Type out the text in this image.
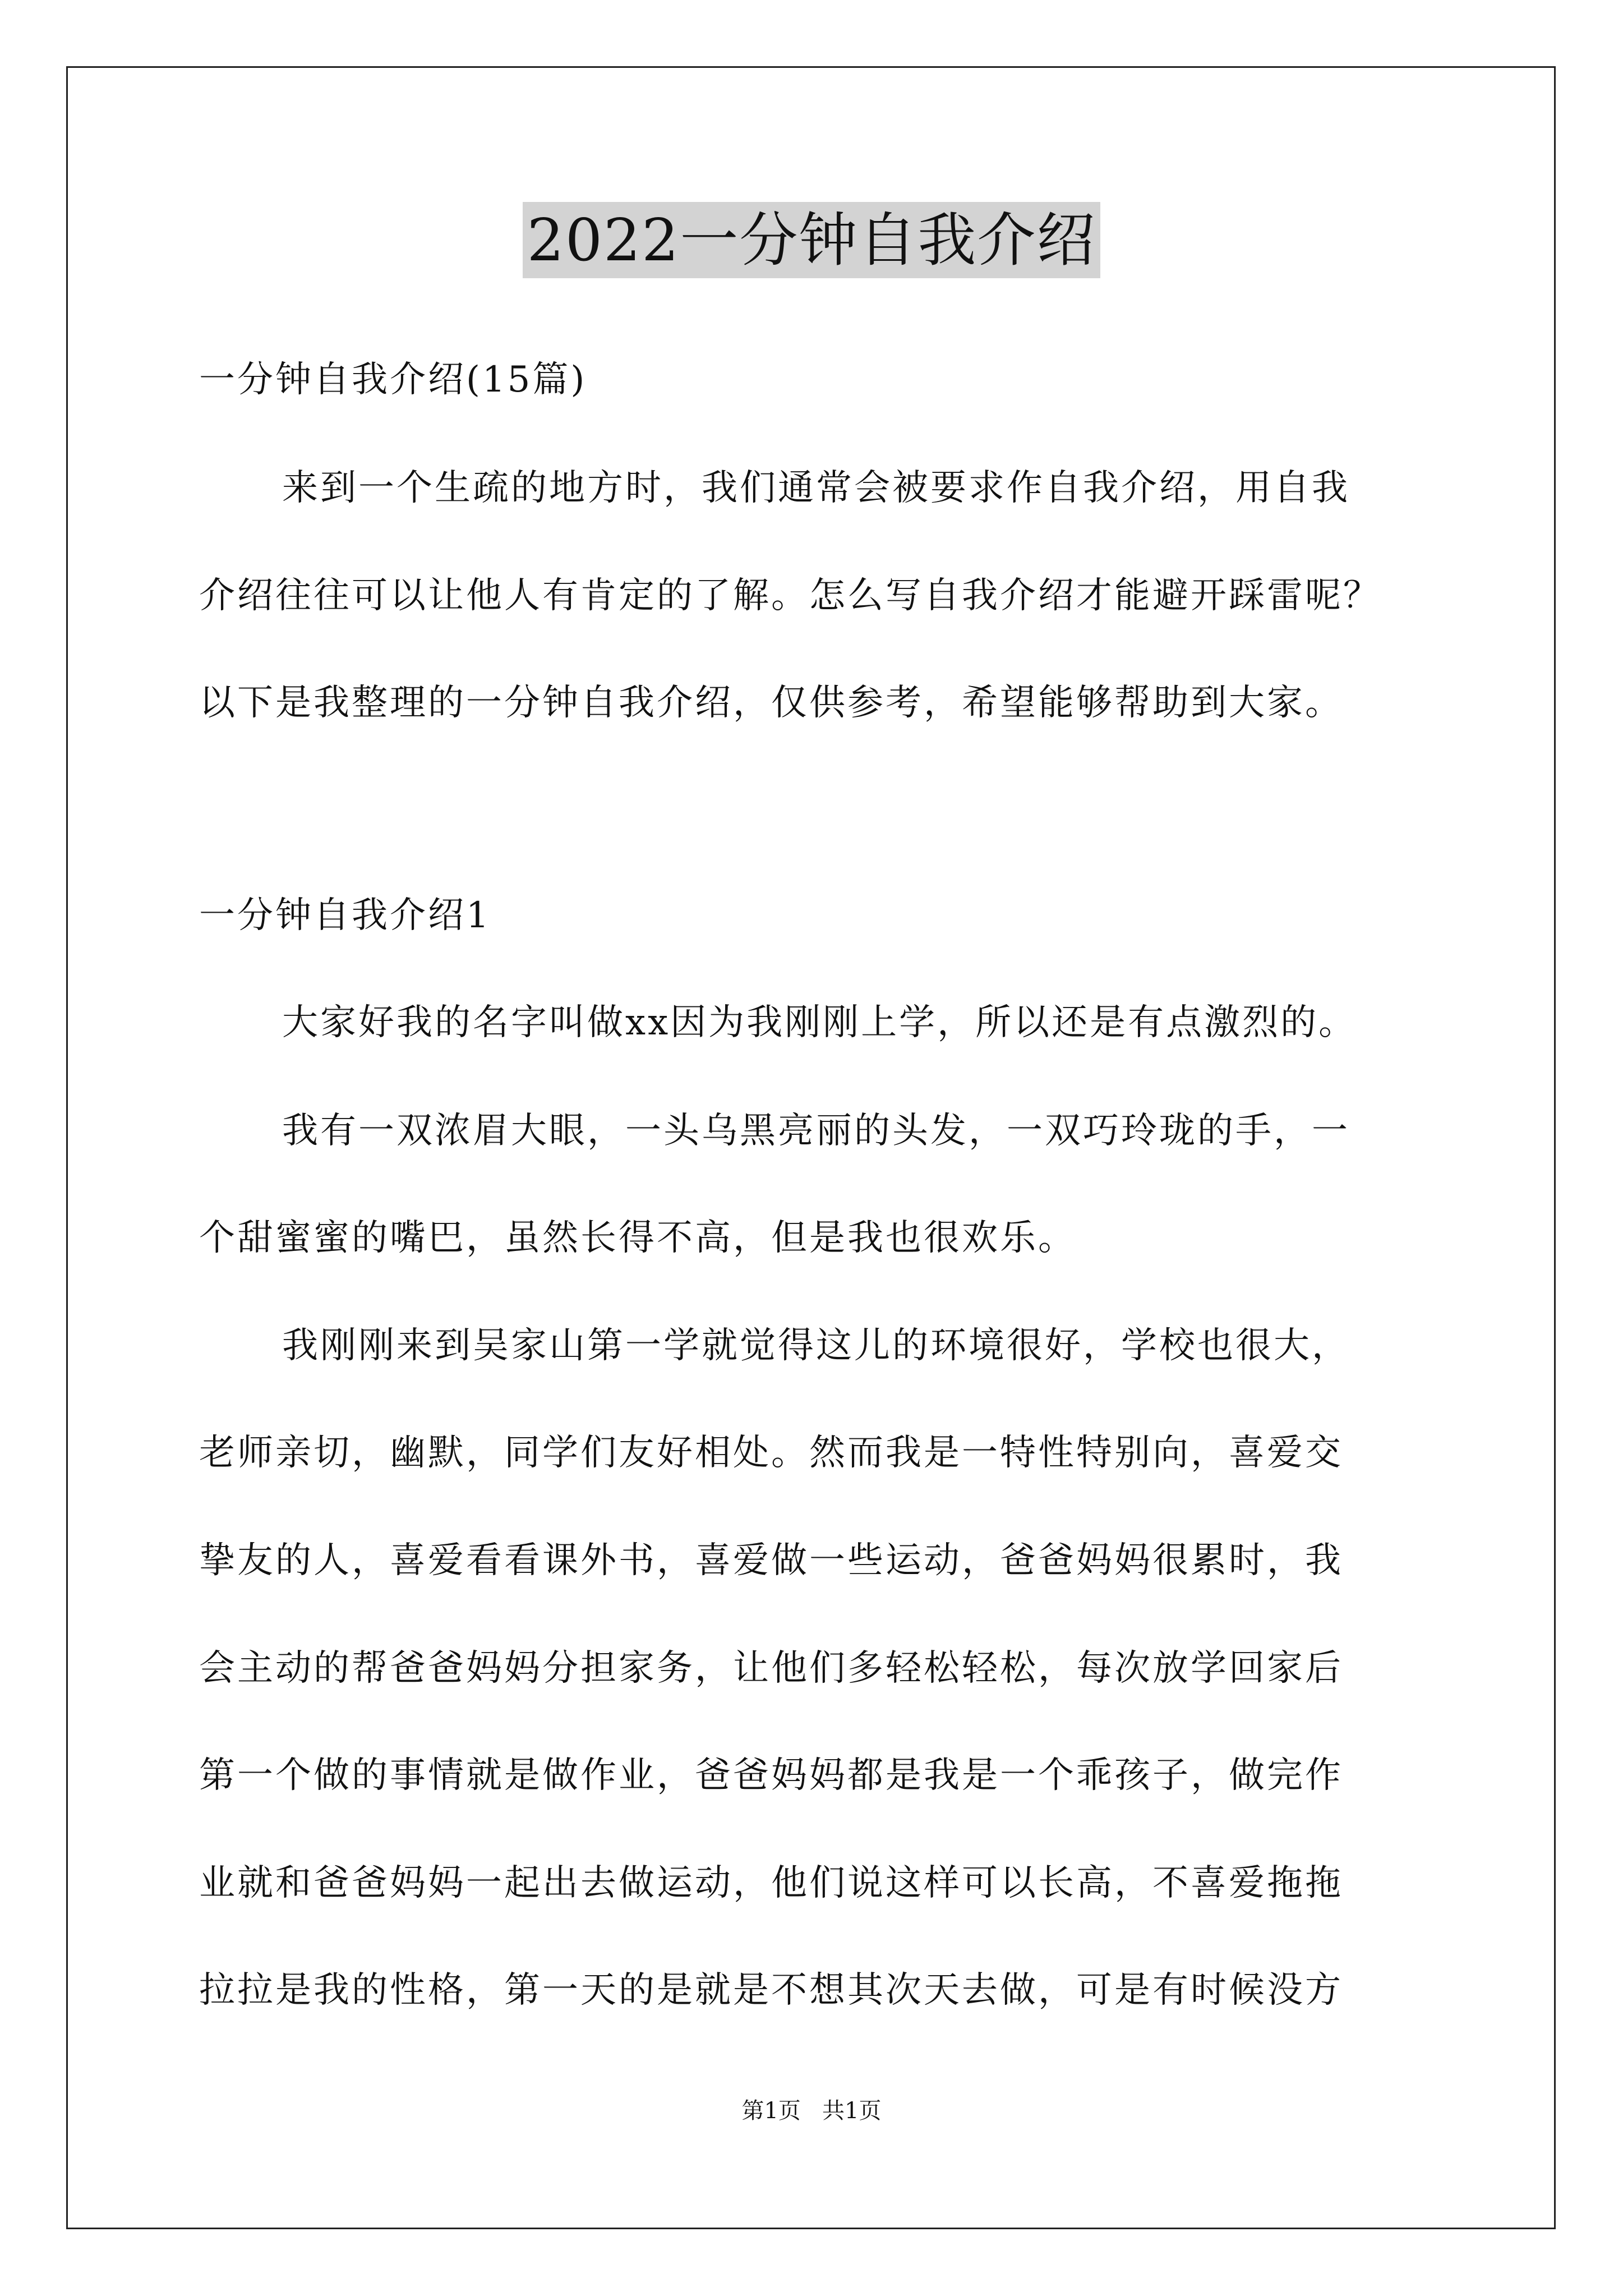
2022一分钟自我介绍
一分钟自我介绍(15篇)
来到一个生疏的地方时，我们通常会被要求作自我介绍，用自我
介绍往往可以让他人有肯定的了解。怎么写自我介绍才能避开踩雷呢？
以下是我整理的一分钟自我介绍，仅供参考，希望能够帮助到大家。
一分钟自我介绍1
大家好我的名字叫做xx因为我刚刚上学，所以还是有点激烈的。
我有一双浓眉大眼，一头乌黑亮丽的头发，一双巧玲珑的手，一
个甜蜜蜜的嘴巴，虽然长得不高，但是我也很欢乐。
我刚刚来到吴家山第一学就觉得这儿的环境很好，学校也很大，
老师亲切，幽默，同学们友好相处。然而我是一特性特别向，喜爱交
挚友的人，喜爱看看课外书，喜爱做一些运动，爸爸妈妈很累时，我
会主动的帮爸爸妈妈分担家务，让他们多轻松轻松，每次放学回家后
第一个做的事情就是做作业，爸爸妈妈都是我是一个乖孩子，做完作
业就和爸爸妈妈一起出去做运动，他们说这样可以长高，不喜爱拖拖
拉拉是我的性格，第一天的是就是不想其次天去做，可是有时候没方
第1页   共1页
